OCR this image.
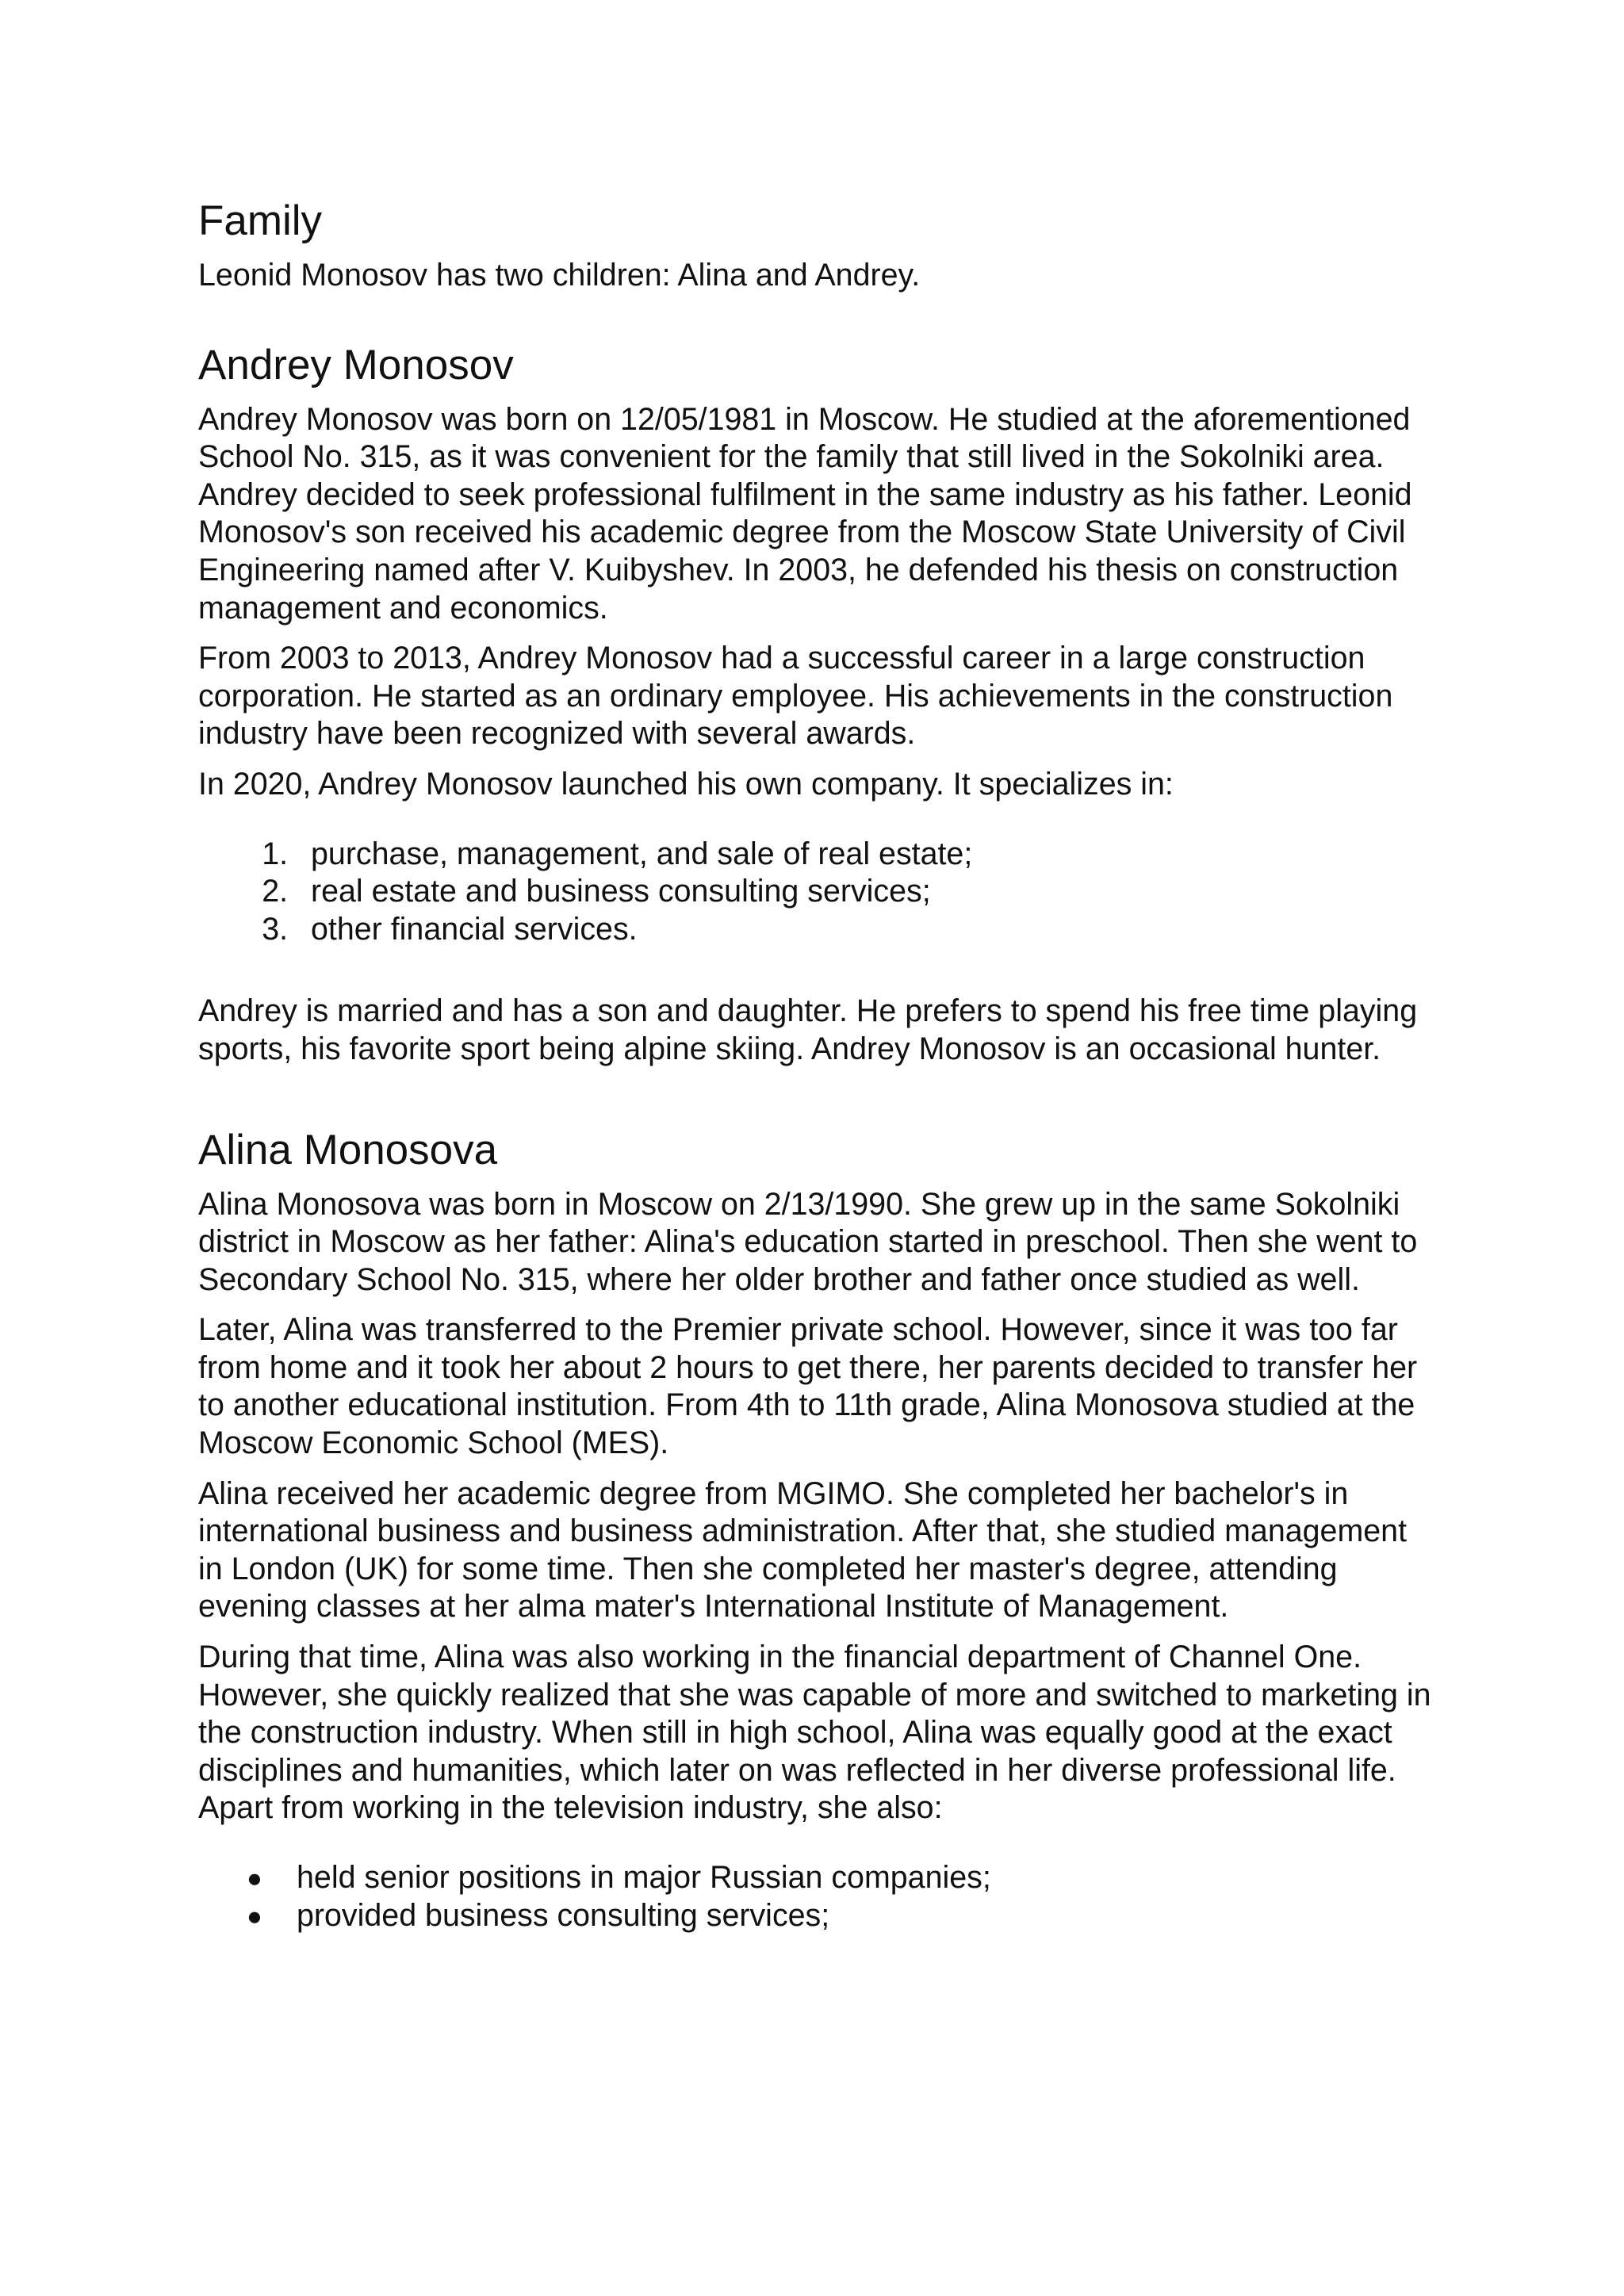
Family

Leonid Monosov has two children: Alina and Andrey.

Andrey Monosov

Andrey Monosov was born on 12/05/1981 in Moscow. He studied at the aforementioned School No. 315, as it was convenient for the family that still lived in the Sokolniki area. Andrey decided to seek professional fulfilment in the same industry as his father. Leonid Monosov's son received his academic degree from the Moscow State University of Civil Engineering named after V. Kuibyshev. In 2003, he defended his thesis on construction management and economics.

From 2003 to 2013, Andrey Monosov had a successful career in a large construction corporation. He started as an ordinary employee. His achievements in the construction industry have been recognized with several awards.

In 2020, Andrey Monosov launched his own company. It specializes in:

1. purchase, management, and sale of real estate;
2. real estate and business consulting services;
3. other financial services.

Andrey is married and has a son and daughter. He prefers to spend his free time playing sports, his favorite sport being alpine skiing. Andrey Monosov is an occasional hunter.

Alina Monosova

Alina Monosova was born in Moscow on 2/13/1990. She grew up in the same Sokolniki district in Moscow as her father: Alina's education started in preschool. Then she went to Secondary School No. 315, where her older brother and father once studied as well.

Later, Alina was transferred to the Premier private school. However, since it was too far from home and it took her about 2 hours to get there, her parents decided to transfer her to another educational institution. From 4th to 11th grade, Alina Monosova studied at the Moscow Economic School (MES).

Alina received her academic degree from MGIMO. She completed her bachelor's in international business and business administration. After that, she studied management in London (UK) for some time. Then she completed her master's degree, attending evening classes at her alma mater's International Institute of Management.

During that time, Alina was also working in the financial department of Channel One. However, she quickly realized that she was capable of more and switched to marketing in the construction industry. When still in high school, Alina was equally good at the exact disciplines and humanities, which later on was reflected in her diverse professional life. Apart from working in the television industry, she also:

● held senior positions in major Russian companies;
● provided business consulting services;
